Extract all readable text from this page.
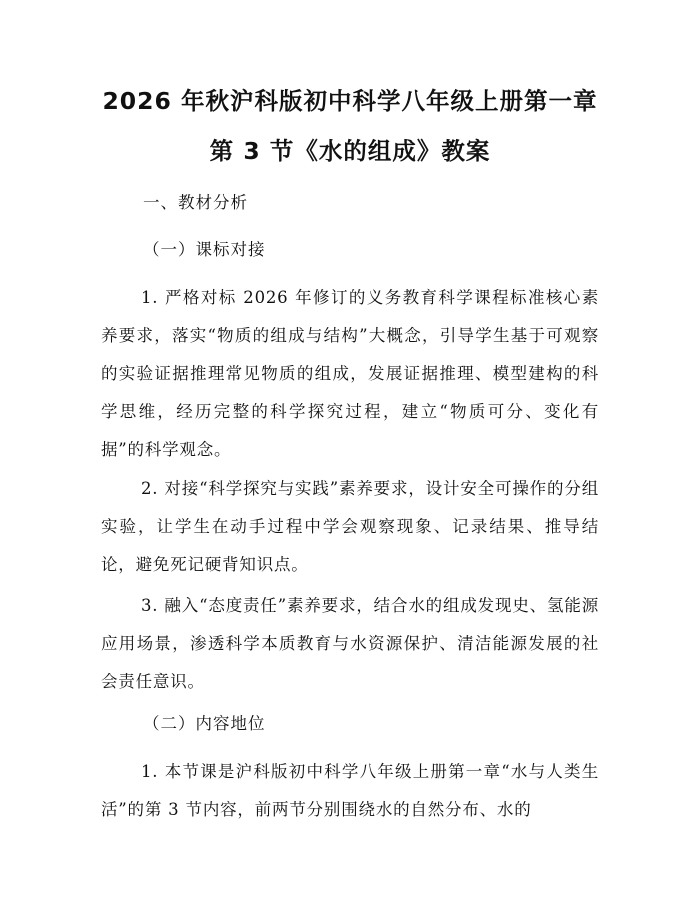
2026 年秋沪科版初中科学八年级上册第一章
第 3 节《水的组成》教案
一、教材分析
（一）课标对接

1. 严格对标 2026 年修订的义务教育科学课程标准核心素养要求，落实“物质的组成与结构”大概念，引导学生基于可观察的实验证据推理常见物质的组成，发展证据推理、模型建构的科学思维，经历完整的科学探究过程，建立“物质可分、变化有据”的科学观念。

2. 对接“科学探究与实践”素养要求，设计安全可操作的分组实验，让学生在动手过程中学会观察现象、记录结果、推导结论，避免死记硬背知识点。

3. 融入“态度责任”素养要求，结合水的组成发现史、氢能源应用场景，渗透科学本质教育与水资源保护、清洁能源发展的社会责任意识。

（二）内容地位

1. 本节课是沪科版初中科学八年级上册第一章“水与人类生活”的第 3 节内容，前两节分别围绕水的自然分布、水的
